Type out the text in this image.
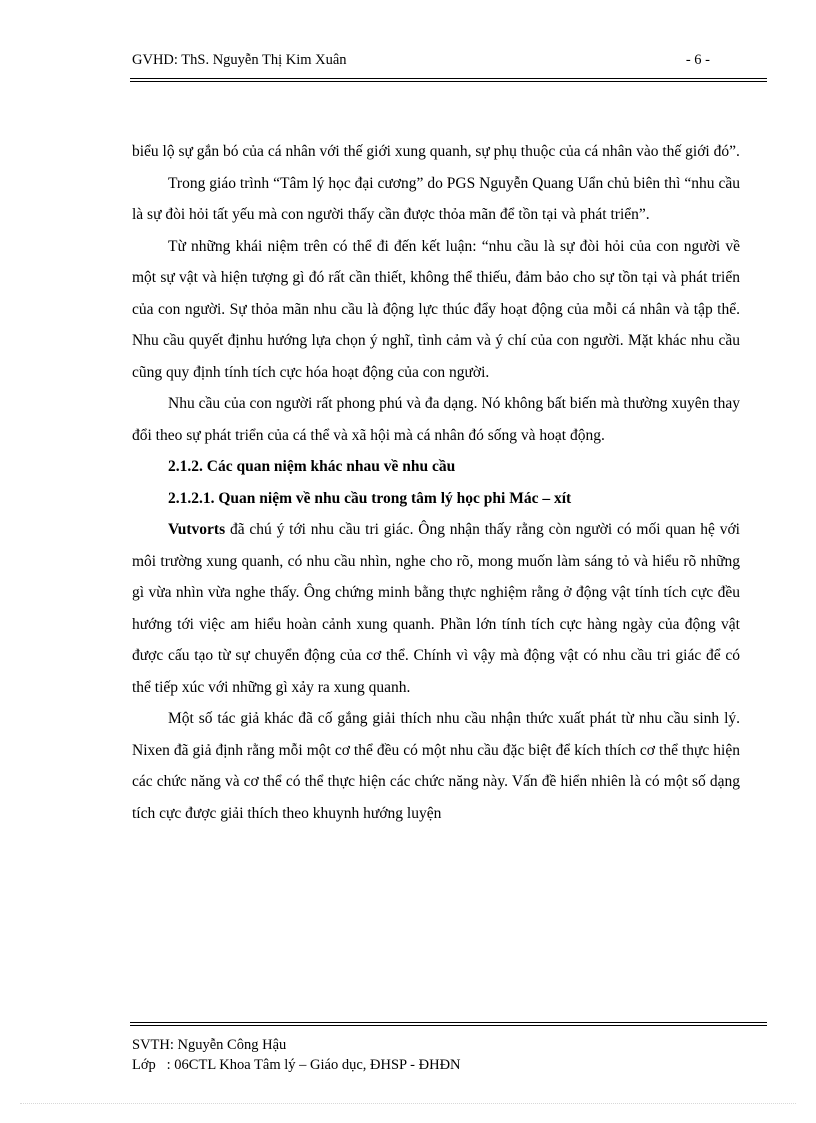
GVHD: ThS. Nguyễn Thị Kim Xuân	- 6 -

biểu lộ sự gắn bó của cá nhân với thế giới xung quanh, sự phụ thuộc của cá nhân vào thế giới đó”.

Trong giáo trình “Tâm lý học đại cương” do PGS Nguyễn Quang Uẩn chủ biên thì “nhu cầu là sự đòi hỏi tất yếu mà con người thấy cần được thỏa mãn để tồn tại và phát triển”.

Từ những khái niệm trên có thể đi đến kết luận: “nhu cầu là sự đòi hỏi của con người về một sự vật và hiện tượng gì đó rất cần thiết, không thể thiếu, đảm bảo cho sự tồn tại và phát triển của con người. Sự thỏa mãn nhu cầu là động lực thúc đẩy hoạt động của mỗi cá nhân và tập thể. Nhu cầu quyết địnhu hướng lựa chọn ý nghĩ, tình cảm và ý chí của con người. Mặt khác nhu cầu cũng quy định tính tích cực hóa hoạt động của con người.

Nhu cầu của con người rất phong phú và đa dạng. Nó không bất biến mà thường xuyên thay đổi theo sự phát triển của cá thể và xã hội mà cá nhân đó sống và hoạt động.

2.1.2. Các quan niệm khác nhau về nhu cầu

2.1.2.1. Quan niệm về nhu cầu trong tâm lý học phi Mác – xít

Vutvorts đã chú ý tới nhu cầu tri giác. Ông nhận thấy rằng còn người có mối quan hệ với môi trường xung quanh, có nhu cầu nhìn, nghe cho rõ, mong muốn làm sáng tỏ và hiểu rõ những gì vừa nhìn vừa nghe thấy. Ông chứng minh bằng thực nghiệm rằng ở động vật tính tích cực đều hướng tới việc am hiểu hoàn cảnh xung quanh. Phần lớn tính tích cực hàng ngày của động vật được cấu tạo từ sự chuyển động của cơ thể. Chính vì vậy mà động vật có nhu cầu tri giác để có thể tiếp xúc với những gì xảy ra xung quanh.

Một số tác giả khác đã cố gắng giải thích nhu cầu nhận thức xuất phát từ nhu cầu sinh lý. Nixen đã giả định rằng mỗi một cơ thể đều có một nhu cầu đặc biệt để kích thích cơ thể thực hiện các chức năng và cơ thể có thể thực hiện các chức năng này. Vấn đề hiển nhiên là có một số dạng tích cực được giải thích theo khuynh hướng luyện

SVTH: Nguyễn Công Hậu
Lớp : 06CTL Khoa Tâm lý – Giáo dục, ĐHSP - ĐHĐN
